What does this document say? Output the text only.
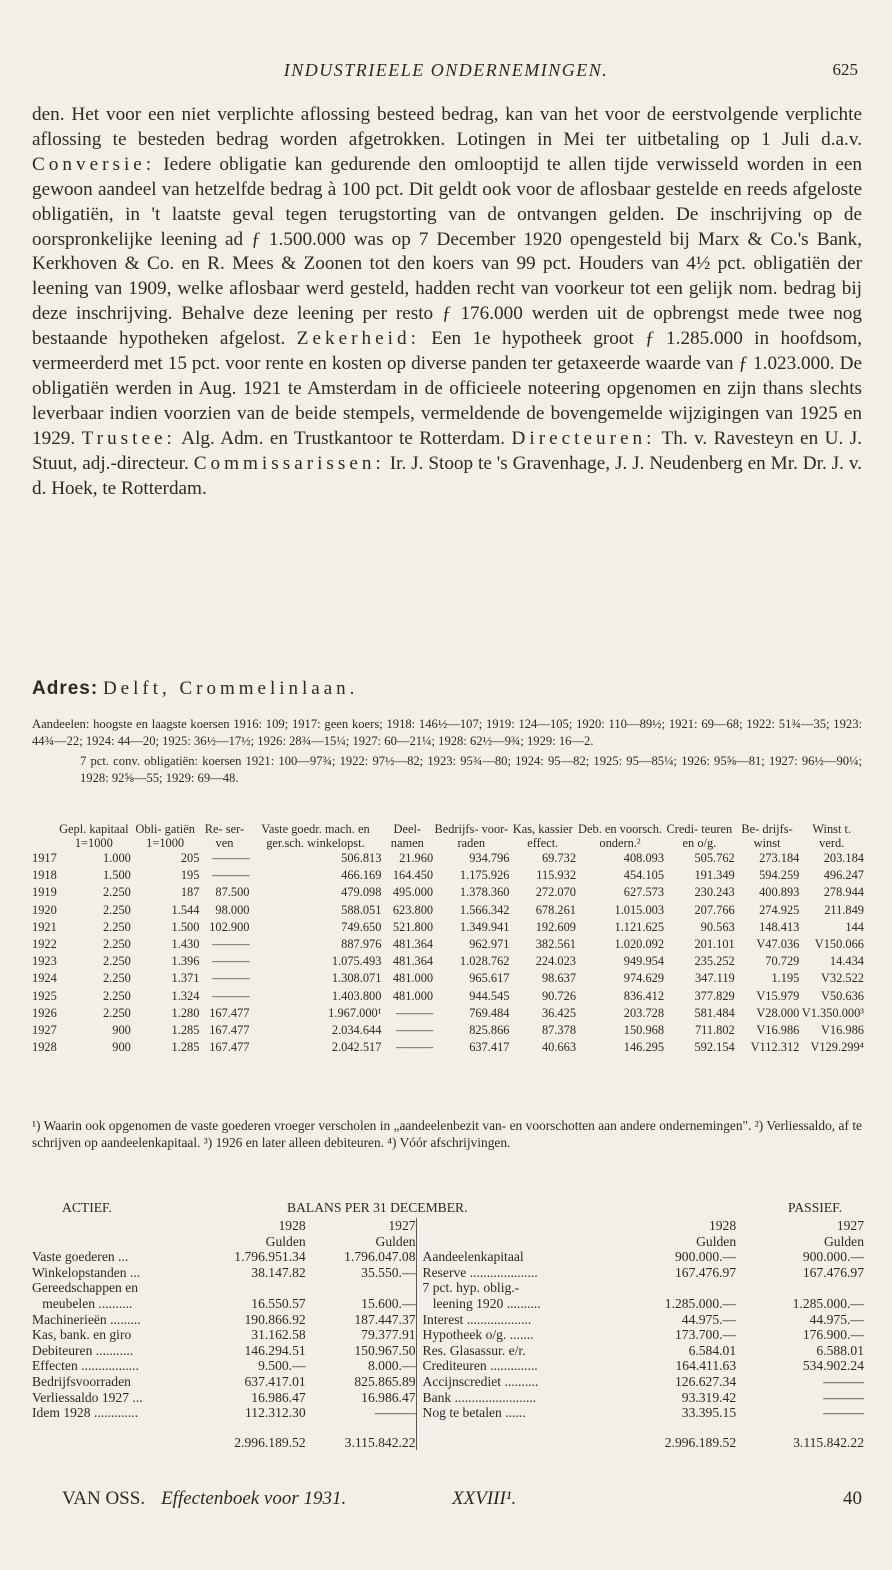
INDUSTRIEELE ONDERNEMINGEN.	625
den. Het voor een niet verplichte aflossing besteed bedrag, kan van het voor de eerstvolgende verplichte aflossing te besteden bedrag worden afgetrokken. Lotingen in Mei ter uitbetaling op 1 Juli d.a.v. Conversie: Iedere obligatie kan gedurende den omlooptijd te allen tijde verwisseld worden in een gewoon aandeel van hetzelfde bedrag à 100 pct. Dit geldt ook voor de aflosbaar gestelde en reeds afgeloste obligatiën, in 't laatste geval tegen terugstorting van de ontvangen gelden. De inschrijving op de oorspronkelijke leening ad ƒ 1.500.000 was op 7 December 1920 opengesteld bij Marx & Co.'s Bank, Kerkhoven & Co. en R. Mees & Zoonen tot den koers van 99 pct. Houders van 4½ pct. obligatiën der leening van 1909, welke aflosbaar werd gesteld, hadden recht van voorkeur tot een gelijk nom. bedrag bij deze inschrijving. Behalve deze leening per resto ƒ 176.000 werden uit de opbrengst mede twee nog bestaande hypotheken afgelost. Zekerheid: Een 1e hypotheek groot ƒ 1.285.000 in hoofdsom, vermeerderd met 15 pct. voor rente en kosten op diverse panden ter getaxeerde waarde van ƒ 1.023.000. De obligatiën werden in Aug. 1921 te Amsterdam in de officieele noteering opgenomen en zijn thans slechts leverbaar indien voorzien van de beide stempels, vermeldende de bovengemelde wijzigingen van 1925 en 1929. Trustee: Alg. Adm. en Trustkantoor te Rotterdam. Directeuren: Th. v. Ravesteyn en U. J. Stuut, adj.-directeur. Commissarissen: Ir. J. Stoop te 's Gravenhage, J. J. Neudenberg en Mr. Dr. J. v. d. Hoek, te Rotterdam.
Adres: Delft, Crommelinlaan.

Aandeelen: hoogste en laagste koersen 1916: 109; 1917: geen koers; 1918: 146½—107; 1919: 124—105; 1920: 110—89½; 1921: 69—68; 1922: 51¾—35; 1923: 44¾—22; 1924: 44—20; 1925: 36½—17½; 1926: 28¾—15¼; 1927: 60—21¼; 1928: 62½—9¾; 1929: 16—2.

7 pct. conv. obligatiën: koersen 1921: 100—97¾; 1922: 97½—82; 1923: 95¾—80; 1924: 95—82; 1925: 95—85¼; 1926: 95⅝—81; 1927: 96½—90¼; 1928: 92⅝—55; 1929: 69—48.

	Gepl. kapitaal 1=1000	Obli- gatiën 1=1000	Re- ser- ven	Vaste goedr. mach. en ger.sch. winkelopst.	Deel- namen	Bedrijfs- voor- raden	Kas, kassier effect.	Deb. en voorsch. ondern.²	Credi- teuren en o/g.	Be- drijfs- winst	Winst t. verd.
1917	1.000	205	———	506.813	21.960	934.796	69.732	408.093	505.762	273.184	203.184
1918	1.500	195	———	466.169	164.450	1.175.926	115.932	454.105	191.349	594.259	496.247
1919	2.250	187	87.500	479.098	495.000	1.378.360	272.070	627.573	230.243	400.893	278.944
1920	2.250	1.544	98.000	588.051	623.800	1.566.342	678.261	1.015.003	207.766	274.925	211.849
1921	2.250	1.500	102.900	749.650	521.800	1.349.941	192.609	1.121.625	90.563	148.413	144
1922	2.250	1.430	———	887.976	481.364	962.971	382.561	1.020.092	201.101	V47.036	V150.066
1923	2.250	1.396	———	1.075.493	481.364	1.028.762	224.023	949.954	235.252	70.729	14.434
1924	2.250	1.371	———	1.308.071	481.000	965.617	98.637	974.629	347.119	1.195	V32.522
1925	2.250	1.324	———	1.403.800	481.000	944.545	90.726	836.412	377.829	V15.979	V50.636
1926	2.250	1.280	167.477	1.967.000¹	———	769.484	36.425	203.728	581.484	V28.000	V1.350.000³
1927	900	1.285	167.477	2.034.644	———	825.866	87.378	150.968	711.802	V16.986	V16.986
1928	900	1.285	167.477	2.042.517	———	637.417	40.663	146.295	592.154	V112.312	V129.299⁴
¹) Waarin ook opgenomen de vaste goederen vroeger verscholen in „aandeelenbezit van- en voorschotten aan andere ondernemingen". ²) Verliessaldo, af te schrijven op aandeelenkapitaal. ³) 1926 en later alleen debiteuren. ⁴) Vóór afschrijvingen.
ACTIEF.	BALANS PER 31 DECEMBER.	PASSIEF.
	1928	1927
	Gulden	Gulden
Vaste goederen ...	1.796.951.34	1.796.047.08
Winkelopstanden ...	38.147.82	35.550.—
Gereedschappen en		
meubelen ..........	16.550.57	15.600.—
Machinerieën .........	190.866.92	187.447.37
Kas, bank. en giro	31.162.58	79.377.91
Debiteuren ...........	146.294.51	150.967.50
Effecten .................	9.500.—	8.000.—
Bedrijfsvoorraden	637.417.01	825.865.89
Verliessaldo 1927 ...	16.986.47	16.986.47
Idem 1928 .............	112.312.30	———
	2.996.189.52	3.115.842.22
	1928	1927
	Gulden	Gulden
Aandeelenkapitaal	900.000.—	900.000.—
Reserve ....................	167.476.97	167.476.97
7 pct. hyp. oblig.-		
leening 1920 ..........	1.285.000.—	1.285.000.—
Interest ...................	44.975.—	44.975.—
Hypotheek o/g. .......	173.700.—	176.900.—
Res. Glasassur. e/r.	6.584.01	6.588.01
Crediteuren ..............	164.411.63	534.902.24
Accijnscrediet ..........	126.627.34	———
Bank ........................	93.319.42	———
Nog te betalen ......	33.395.15	———
	2.996.189.52	3.115.842.22
VAN OSS. Effectenboek voor 1931.	XXVIII¹.	40
